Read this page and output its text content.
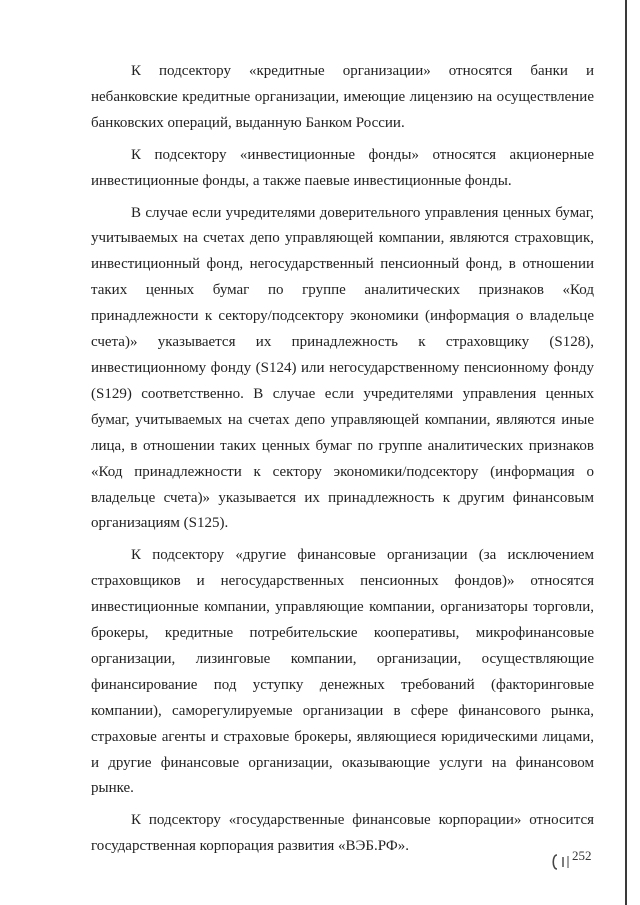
К подсектору «кредитные организации» относятся банки и небанковские кредитные организации, имеющие лицензию на осуществление банковских операций, выданную Банком России.

К подсектору «инвестиционные фонды» относятся акционерные инвестиционные фонды, а также паевые инвестиционные фонды.

В случае если учредителями доверительного управления ценных бумаг, учитываемых на счетах депо управляющей компании, являются страховщик, инвестиционный фонд, негосударственный пенсионный фонд, в отношении таких ценных бумаг по группе аналитических признаков «Код принадлежности к сектору/подсектору экономики (информация о владельце счета)» указывается их принадлежность к страховщику (S128), инвестиционному фонду (S124) или негосударственному пенсионному фонду (S129) соответственно. В случае если учредителями управления ценных бумаг, учитываемых на счетах депо управляющей компании, являются иные лица, в отношении таких ценных бумаг по группе аналитических признаков «Код принадлежности к сектору экономики/подсектору (информация о владельце счета)» указывается их принадлежность к другим финансовым организациям (S125).

К подсектору «другие финансовые организации (за исключением страховщиков и негосударственных пенсионных фондов)» относятся инвестиционные компании, управляющие компании, организаторы торговли, брокеры, кредитные потребительские кооперативы, микрофинансовые организации, лизинговые компании, организации, осуществляющие финансирование под уступку денежных требований (факторинговые компании), саморегулируемые организации в сфере финансового рынка, страховые агенты и страховые брокеры, являющиеся юридическими лицами, и другие финансовые организации, оказывающие услуги на финансовом рынке.

К подсектору «государственные финансовые корпорации» относится государственная корпорация развития «ВЭБ.РФ».

252
